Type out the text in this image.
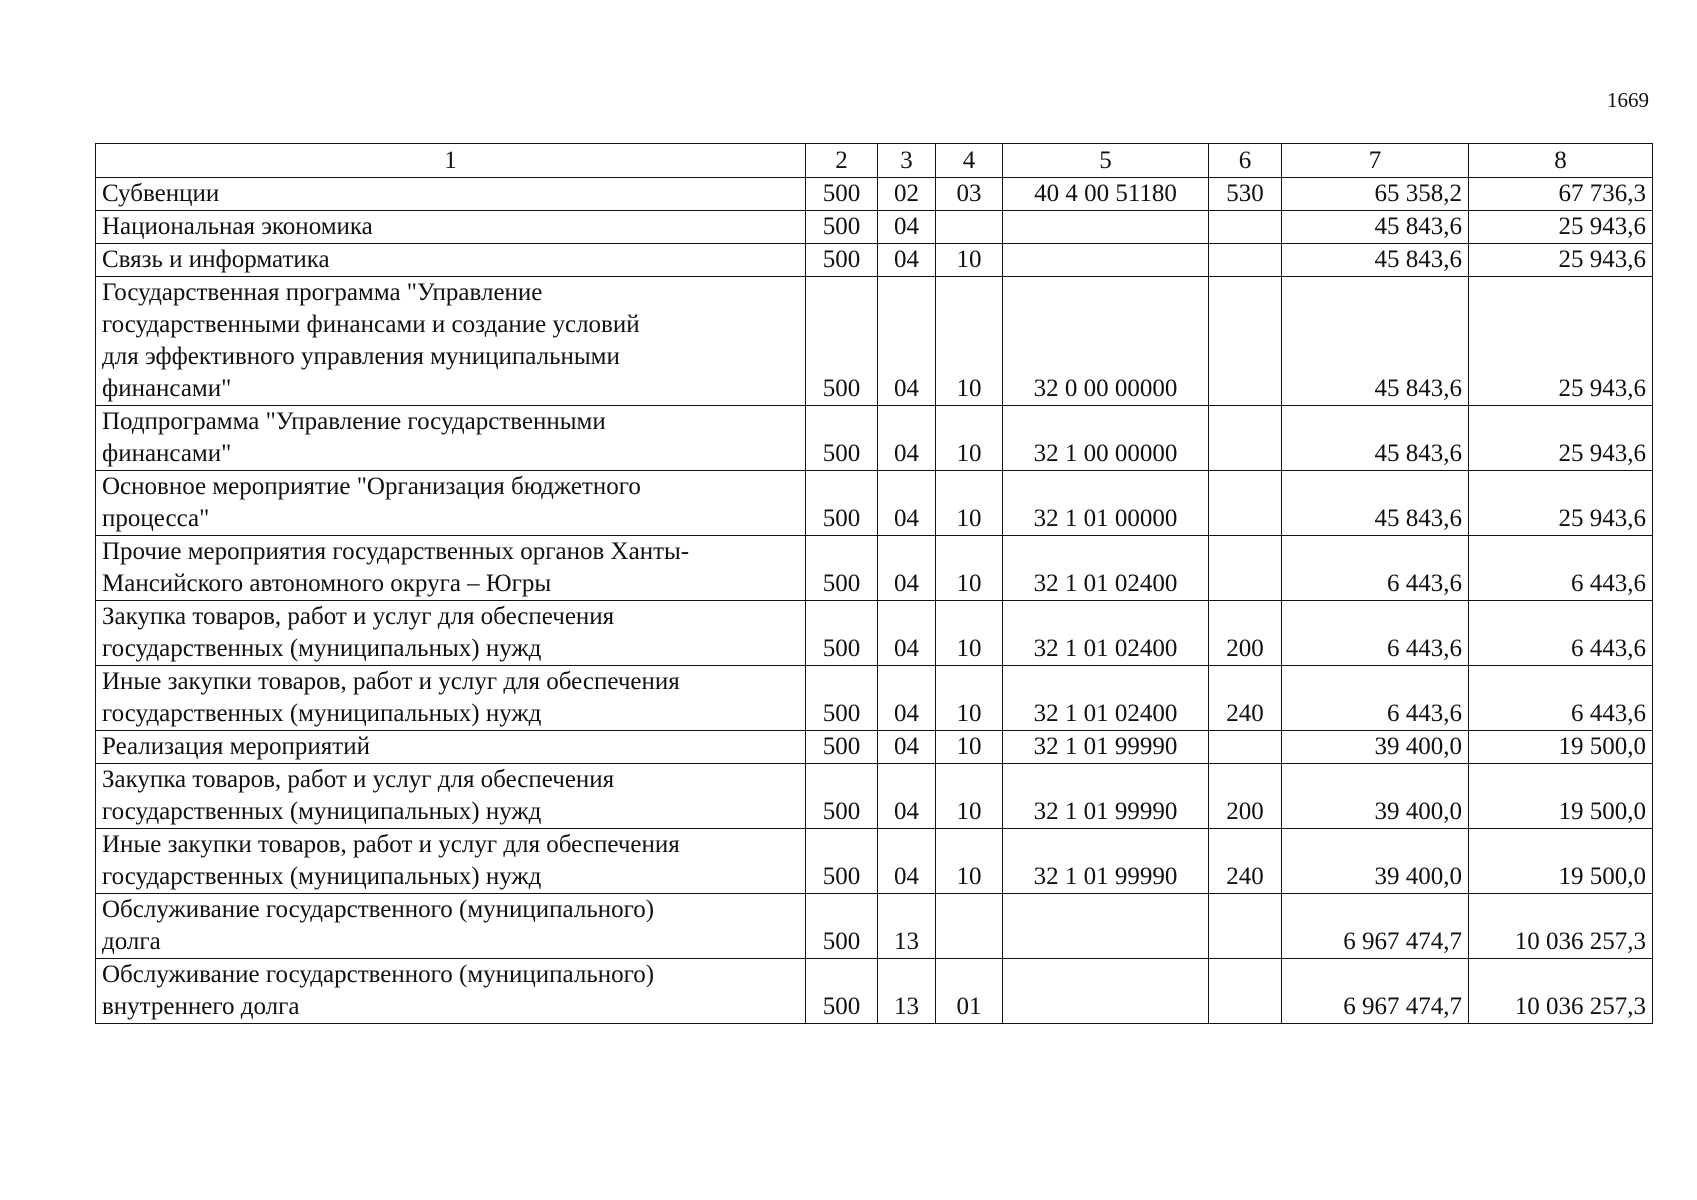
1669
1	2	3	4	5	6	7	8
Субвенции	500	02	03	40 4 00 51180	530	65 358,2	67 736,3
Национальная экономика	500	04				45 843,6	25 943,6
Связь и информатика	500	04	10			45 843,6	25 943,6

Государственная программа "Управление
государственными финансами и создание условий
для эффективного управления муниципальными
финансами"	500	04	10	32 0 00 00000		45 843,6	25 943,6

Подпрограмма "Управление государственными
финансами"	500	04	10	32 1 00 00000		45 843,6	25 943,6

Основное мероприятие "Организация бюджетного
процесса"	500	04	10	32 1 01 00000		45 843,6	25 943,6

Прочие мероприятия государственных органов Ханты-
Мансийского автономного округа – Югры	500	04	10	32 1 01 02400		6 443,6	6 443,6

Закупка товаров, работ и услуг для обеспечения
государственных (муниципальных) нужд	500	04	10	32 1 01 02400	200	6 443,6	6 443,6

Иные закупки товаров, работ и услуг для обеспечения
государственных (муниципальных) нужд	500	04	10	32 1 01 02400	240	6 443,6	6 443,6
Реализация мероприятий	500	04	10	32 1 01 99990		39 400,0	19 500,0

Закупка товаров, работ и услуг для обеспечения
государственных (муниципальных) нужд	500	04	10	32 1 01 99990	200	39 400,0	19 500,0

Иные закупки товаров, работ и услуг для обеспечения
государственных (муниципальных) нужд	500	04	10	32 1 01 99990	240	39 400,0	19 500,0

Обслуживание государственного (муниципального)
долга	500	13				6 967 474,7	10 036 257,3

Обслуживание государственного (муниципального)
внутреннего долга	500	13	01			6 967 474,7	10 036 257,3
